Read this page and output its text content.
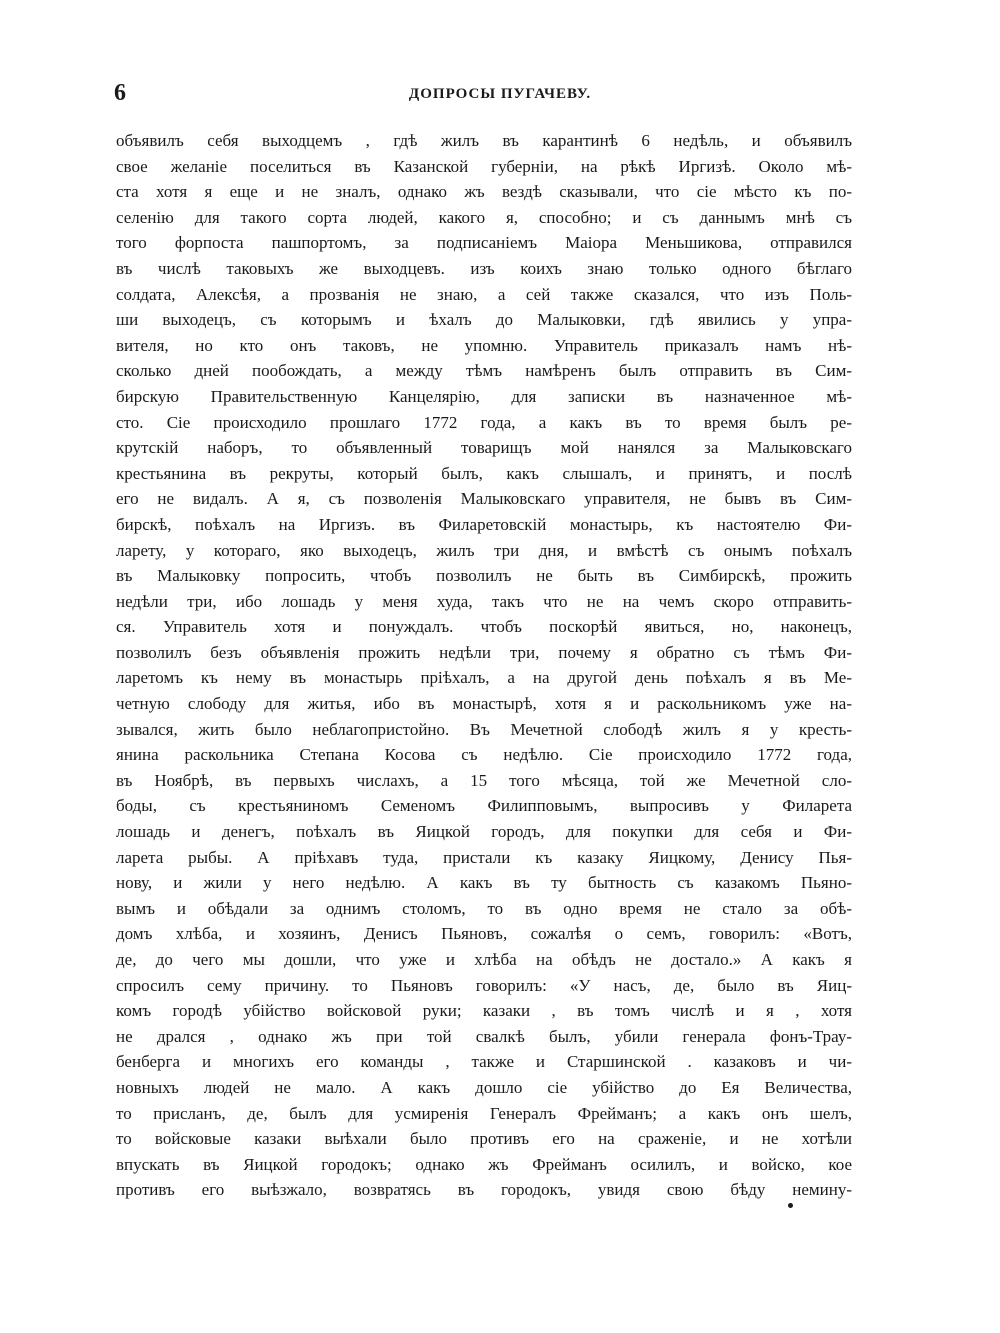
6	ДОПРОСЫ ПУГАЧЕВУ.
объявилъ себя выходцемъ , гдѣ жилъ въ карантинѣ 6 недѣль, и объявилъ
свое желаніе поселиться въ Казанской губерніи, на рѣкѣ Иргизѣ. Около мѣ-
ста хотя я еще и не зналъ, однако жъ вездѣ сказывали, что сіе мѣсто къ по-
селенію для такого сорта людей, какого я, способно; и съ даннымъ мнѣ съ
того форпоста пашпортомъ, за подписаніемъ Маіора Меньшикова, отправился
въ числѣ таковыхъ же выходцевъ. изъ коихъ знаю только одного бѣглаго
солдата, Алексѣя, а прозванія не знаю, а сей также сказался, что изъ Поль-
ши выходецъ, съ которымъ и ѣхалъ до Малыковки, гдѣ явились у упра-
вителя, но кто онъ таковъ, не упомню. Управитель приказалъ намъ нѣ-
сколько дней пообождать, а между тѣмъ намѣренъ былъ отправить въ Сим-
бирскую Правительственную Канцелярію, для записки въ назначенное мѣ-
сто. Сіе происходило прошлаго 1772 года, а какъ въ то время былъ ре-
крутскій наборъ, то объявленный товарищъ мой нанялся за Малыковскаго
крестьянина въ рекруты, который былъ, какъ слышалъ, и принятъ, и послѣ
его не видалъ. А я, съ позволенія Малыковскаго управителя, не бывъ въ Сим-
бирскѣ, поѣхалъ на Иргизъ. въ Филаретовскій монастырь, къ настоятелю Фи-
ларету, у котораго, яко выходецъ, жилъ три дня, и вмѣстѣ съ онымъ поѣхалъ
въ Малыковку попросить, чтобъ позволилъ не быть въ Симбирскѣ, прожить
недѣли три, ибо лошадь у меня худа, такъ что не на чемъ скоро отправить-
ся. Управитель хотя и понуждалъ. чтобъ поскорѣй явиться, но, наконецъ,
позволилъ безъ объявленія прожить недѣли три, почему я обратно съ тѣмъ Фи-
ларетомъ къ нему въ монастырь пріѣхалъ, а на другой день поѣхалъ я въ Ме-
четную слободу для житья, ибо въ монастырѣ, хотя я и раскольникомъ уже на-
зывался, жить было неблагопристойно. Въ Мечетной слободѣ жилъ я у кресть-
янина раскольника Степана Косова съ недѣлю. Сіе происходило 1772 года,
въ Ноябрѣ, въ первыхъ числахъ, а 15 того мѣсяца, той же Мечетной сло-
боды, съ крестьяниномъ Семеномъ Филипповымъ, выпросивъ у Филарета
лошадь и денегъ, поѣхалъ въ Яицкой городъ, для покупки для себя и Фи-
ларета рыбы. А пріѣхавъ туда, пристали къ казаку Яицкому, Денису Пья-
нову, и жили у него недѣлю. А какъ въ ту бытность съ казакомъ Пьяно-
вымъ и обѣдали за однимъ столомъ, то въ одно время не стало за обѣ-
домъ хлѣба, и хозяинъ, Денисъ Пьяновъ, сожалѣя о семъ, говорилъ: «Вотъ,
де, до чего мы дошли, что уже и хлѣба на обѣдъ не достало.» А какъ я
спросилъ сему причину. то Пьяновъ говорилъ: «У насъ, де, было въ Яиц-
комъ городѣ убійство войсковой руки; казаки , въ томъ числѣ и я , хотя
не дрался , однако жъ при той свалкѣ былъ, убили генерала фонъ-Трау-
бенберга и многихъ его команды , также и Старшинской . казаковъ и чи-
новныхъ людей не мало. А какъ дошло сіе убійство до Ея Величества,
то присланъ, де, былъ для усмиренія Генералъ Фрейманъ; а какъ онъ шелъ,
то войсковые казаки выѣхали было противъ его на сраженіе, и не хотѣли
впускать въ Яицкой городокъ; однако жъ Фрейманъ осилилъ, и войско, кое
противъ его выѣзжало, возвратясь въ городокъ, увидя свою бѣду немину-
